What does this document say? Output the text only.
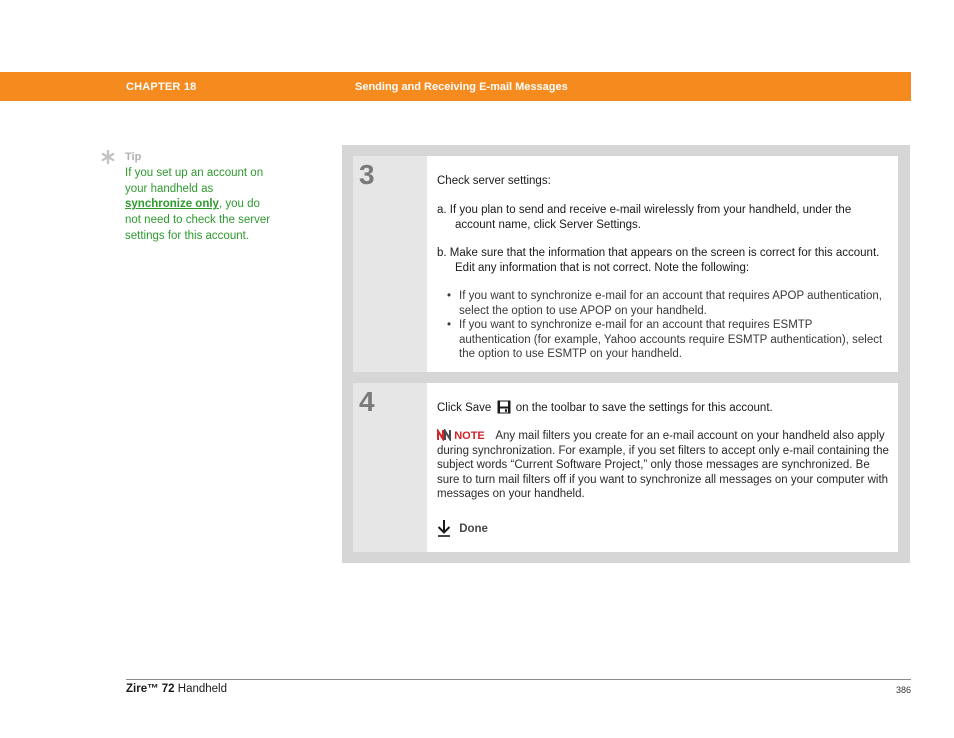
CHAPTER 18	Sending and Receiving E-mail Messages
Tip
If you set up an account on your handheld as synchronize only, you do not need to check the server settings for this account.
3	Check server settings:
a. If you plan to send and receive e-mail wirelessly from your handheld, under the account name, click Server Settings.
b. Make sure that the information that appears on the screen is correct for this account. Edit any information that is not correct. Note the following:
• If you want to synchronize e-mail for an account that requires APOP authentication, select the option to use APOP on your handheld.
• If you want to synchronize e-mail for an account that requires ESMTP authentication (for example, Yahoo accounts require ESMTP authentication), select the option to use ESMTP on your handheld.
4	Click Save on the toolbar to save the settings for this account.
NOTE Any mail filters you create for an e-mail account on your handheld also apply during synchronization. For example, if you set filters to accept only e-mail containing the subject words “Current Software Project,” only those messages are synchronized. Be sure to turn mail filters off if you want to synchronize all messages on your computer with messages on your handheld.
Done
Zire™ 72 Handheld	386
